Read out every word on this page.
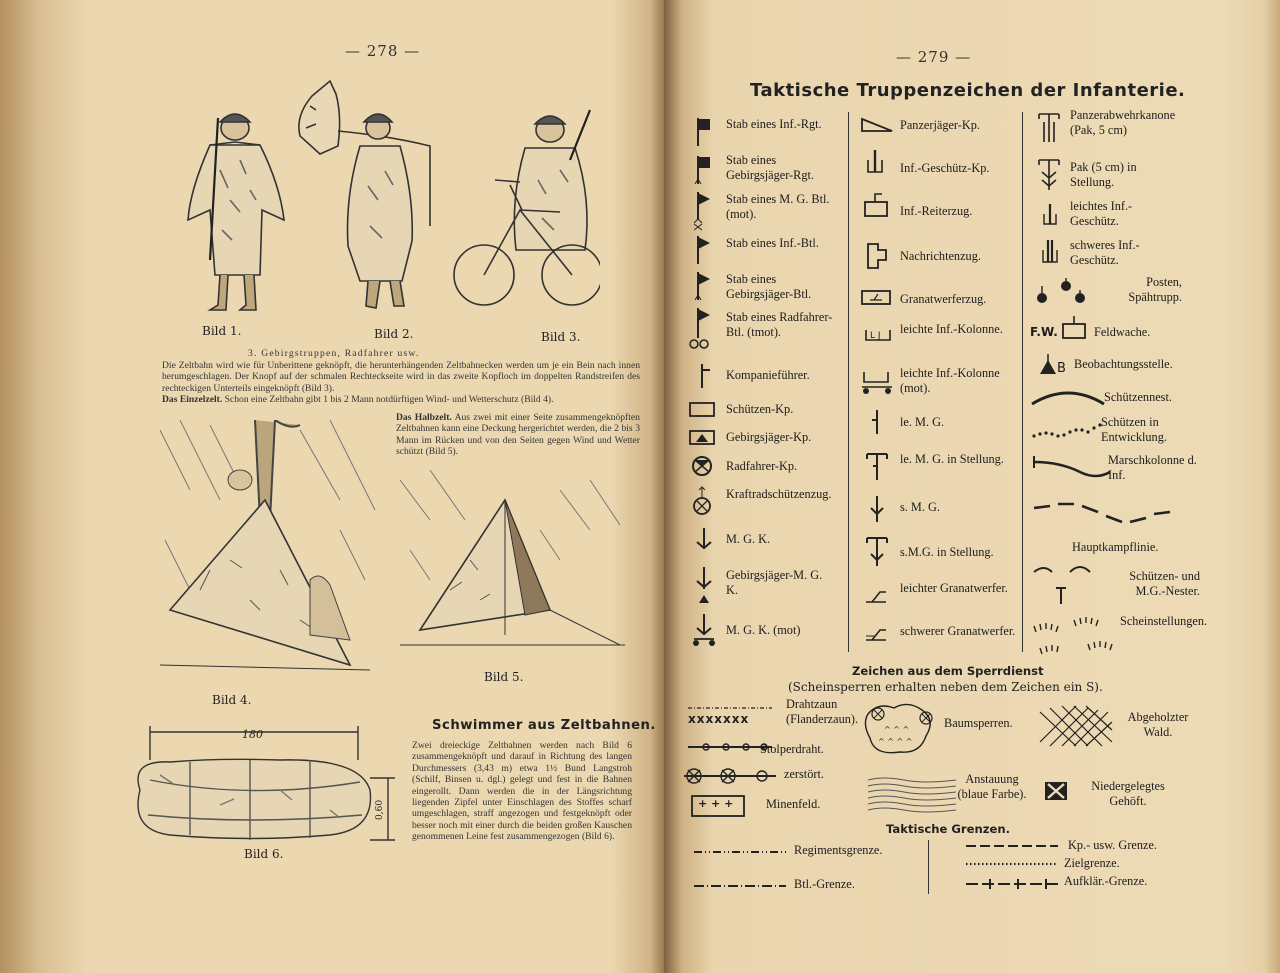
— 278 —
Bild 1.	Bild 2.	Bild 3.
3. Gebirgstruppen, Radfahrer usw.
Die Zeltbahn wird wie für Unberittene geknöpft, die herunterhängenden Zeltbahnecken werden um je ein Bein nach innen herumgeschlagen. Der Knopf auf der schmalen Rechteckseite wird in das zweite Kopfloch im doppelten Randstreifen des rechteckigen Unterteils eingeknöpft (Bild 3).
Das Einzelzelt. Schon eine Zeltbahn gibt 1 bis 2 Mann notdürftigen Wind- und Wetterschutz (Bild 4).
Das Halbzelt. Aus zwei mit einer Seite zusammengeknöpften Zeltbahnen kann eine Deckung hergerichtet werden, die 2 bis 3 Mann im Rücken und von den Seiten gegen Wind und Wetter schützt (Bild 5).
Bild 4.
Bild 5.
180
0,60
Bild 6.
Schwimmer aus Zeltbahnen.
Zwei dreieckige Zeltbahnen werden nach Bild 6 zusammengeknöpft und darauf in Richtung des langen Durchmessers (3,43 m) etwa 1½ Bund Langstroh (Schilf, Binsen u. dgl.) gelegt und fest in die Bahnen eingerollt. Dann werden die in der Längsrichtung liegenden Zipfel unter Einschlagen des Stoffes scharf umgeschlagen, straff angezogen und festgeknöpft oder besser noch mit einer durch die beiden großen Kauschen genommenen Leine fest zusammengezogen (Bild 6).
— 279 —
Taktische Truppenzeichen der Infanterie.
Stab eines Inf.-Rgt.
Stab eines Gebirgsjäger-Rgt.
Stab eines M. G. Btl. (mot).
Stab eines Inf.-Btl.
Stab eines Gebirgsjäger-Btl.
Stab eines Radfahrer-Btl. (tmot).
Kompanieführer.
Schützen-Kp.
Gebirgsjäger-Kp.
Radfahrer-Kp.
Kraftradschützenzug.
M. G. K.
Gebirgsjäger-M. G. K.
M. G. K. (mot)
Panzerjäger-Kp.
Inf.-Geschütz-Kp.
Inf.-Reiterzug.
Nachrichtenzug.
Granatwerferzug.
L J leichte Inf.-Kolonne.
leichte Inf.-Kolonne (mot).
le. M. G.
le. M. G. in Stellung.
s. M. G.
s.M.G. in Stellung.
leichter Granatwerfer.
schwerer Granatwerfer.
Panzerabwehrkanone (Pak, 5 cm)
Pak (5 cm) in Stellung.
leichtes Inf.-Geschütz.
schweres Inf.-Geschütz.
Posten, Spähtrupp.
F.W.	Feldwache.
B Beobachtungsstelle.
Schützennest.
Schützen in Entwicklung.
Marschkolonne d. Inf.
Hauptkampflinie.
Schützen- und M.G.-Nester.
Scheinstellungen.
Zeichen aus dem Sperrdienst
(Scheinsperren erhalten neben dem Zeichen ein S).
xxxxxxx
Drahtzaun (Flanderzaun).
Stolperdraht.
zerstört.
+ + +	Minenfeld.
^ ^ ^
^ ^ ^ ^
Baumsperren.
Anstauung (blaue Farbe).
Abgeholzter Wald.
Niedergelegtes Gehöft.
Taktische Grenzen.
Regimentsgrenze.
Btl.-Grenze.
Kp.- usw. Grenze.
Zielgrenze.
Aufklär.-Grenze.
